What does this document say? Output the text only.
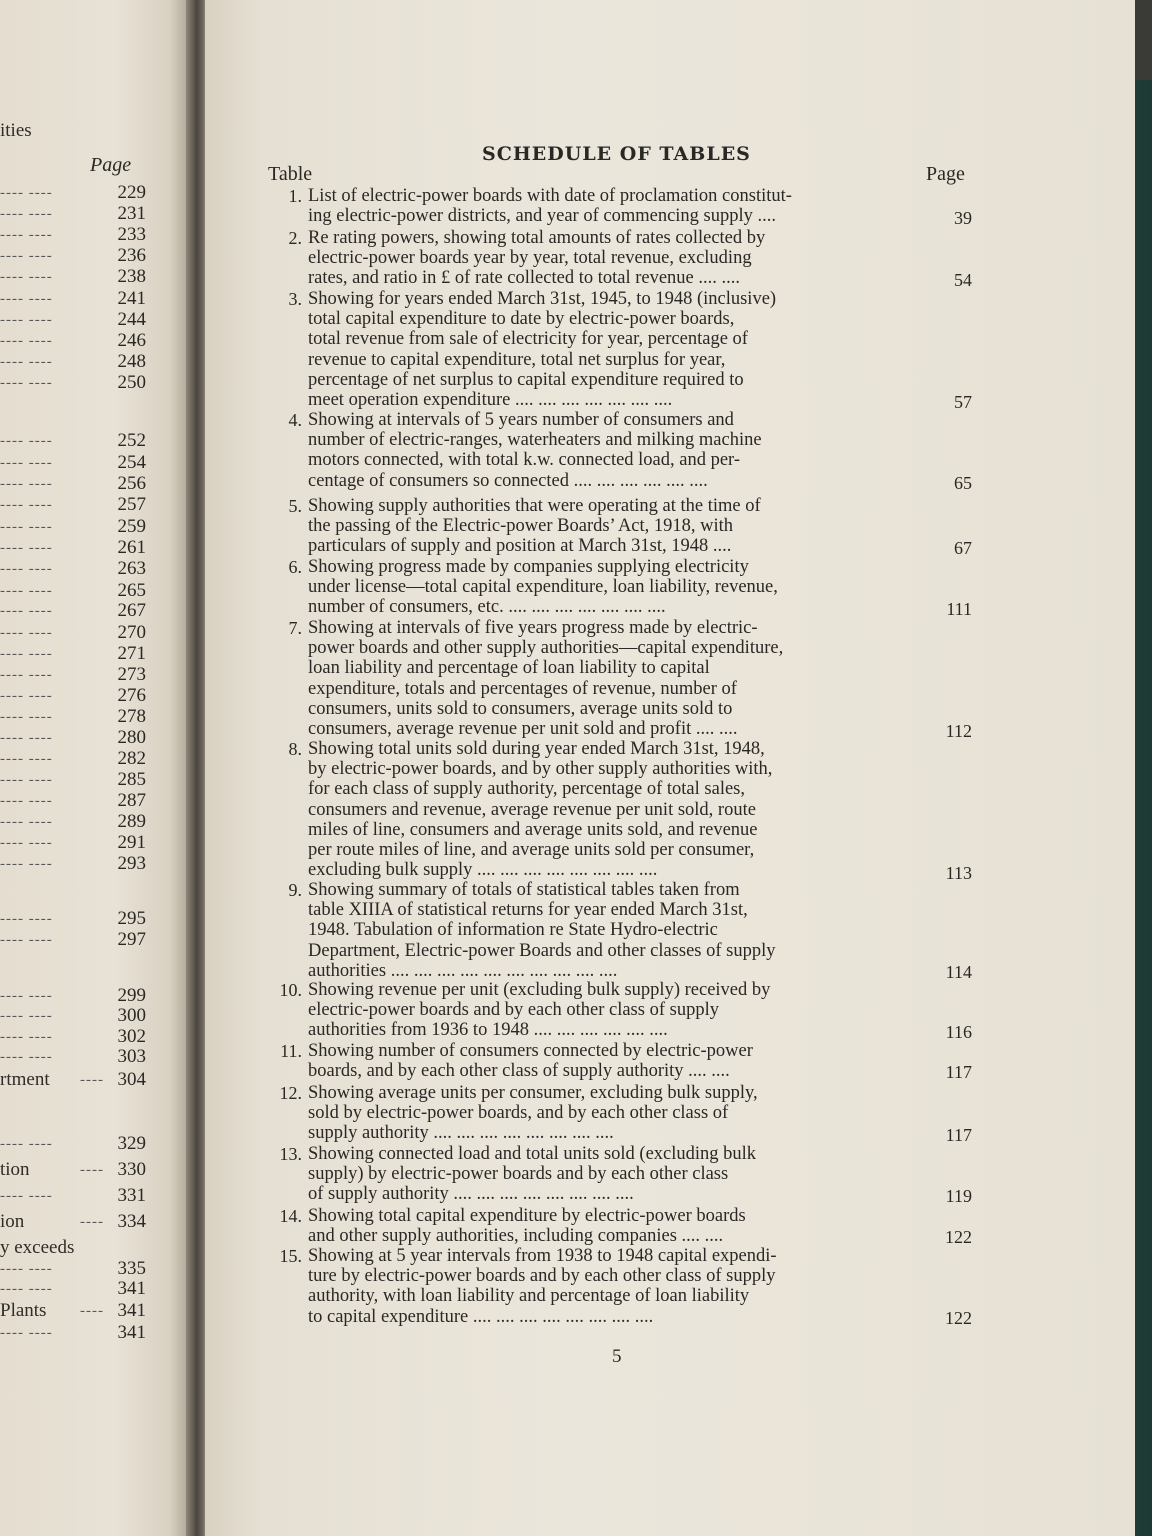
ities
Page
---- ----	229
---- ----	231
---- ----	233
---- ----	236
---- ----	238
---- ----	241
---- ----	244
---- ----	246
---- ----	248
---- ----	250
---- ----	252
---- ----	254
---- ----	256
---- ----	257
---- ----	259
---- ----	261
---- ----	263
---- ----	265
---- ----	267
---- ----	270
---- ----	271
---- ----	273
---- ----	276
---- ----	278
---- ----	280
---- ----	282
---- ----	285
---- ----	287
---- ----	289
---- ----	291
---- ----	293
---- ----	295
---- ----	297
---- ----	299
---- ----	300
---- ----	302
---- ----	303
rtment ---- 304
---- ----	329
tion	---- 330
---- ----	331
ion	---- 334
y exceeds
---- ----	335
---- ----	341
Plants ---- 341
---- ----	341
SCHEDULE OF TABLES
Table	Page
1. List of electric-power boards with date of proclamation constitut-
ing electric-power districts, and year of commencing supply ....	39
2. Re rating powers, showing total amounts of rates collected by
electric-power boards year by year, total revenue, excluding
rates, and ratio in £ of rate collected to total revenue .... ....	54
3. Showing for years ended March 31st, 1945, to 1948 (inclusive)
total capital expenditure to date by electric-power boards,
total revenue from sale of electricity for year, percentage of
revenue to capital expenditure, total net surplus for year,
percentage of net surplus to capital expenditure required to
meet operation expenditure .... .... .... .... .... .... ....	57
4. Showing at intervals of 5 years number of consumers and
number of electric-ranges, waterheaters and milking machine
motors connected, with total k.w. connected load, and per-
centage of consumers so connected .... .... .... .... .... ....	65
5. Showing supply authorities that were operating at the time of
the passing of the Electric-power Boards’ Act, 1918, with
particulars of supply and position at March 31st, 1948 ....	67
6. Showing progress made by companies supplying electricity
under license—total capital expenditure, loan liability, revenue,
number of consumers, etc. .... .... .... .... .... .... ....	111
7. Showing at intervals of five years progress made by electric-
power boards and other supply authorities—capital expenditure,
loan liability and percentage of loan liability to capital
expenditure, totals and percentages of revenue, number of
consumers, units sold to consumers, average units sold to
consumers, average revenue per unit sold and profit .... ....	112
8. Showing total units sold during year ended March 31st, 1948,
by electric-power boards, and by other supply authorities with,
for each class of supply authority, percentage of total sales,
consumers and revenue, average revenue per unit sold, route
miles of line, consumers and average units sold, and revenue
per route miles of line, and average units sold per consumer,
excluding bulk supply .... .... .... .... .... .... .... ....	113
9. Showing summary of totals of statistical tables taken from
table XIIIA of statistical returns for year ended March 31st,
1948. Tabulation of information re State Hydro-electric
Department, Electric-power Boards and other classes of supply
authorities .... .... .... .... .... .... .... .... .... ....	114
10. Showing revenue per unit (excluding bulk supply) received by
electric-power boards and by each other class of supply
authorities from 1936 to 1948 .... .... .... .... .... ....	116
11. Showing number of consumers connected by electric-power
boards, and by each other class of supply authority .... ....	117
12. Showing average units per consumer, excluding bulk supply,
sold by electric-power boards, and by each other class of
supply authority .... .... .... .... .... .... .... ....	117
13. Showing connected load and total units sold (excluding bulk
supply) by electric-power boards and by each other class
of supply authority .... .... .... .... .... .... .... ....	119
14. Showing total capital expenditure by electric-power boards
and other supply authorities, including companies .... ....	122
15. Showing at 5 year intervals from 1938 to 1948 capital expendi-
ture by electric-power boards and by each other class of supply
authority, with loan liability and percentage of loan liability
to capital expenditure .... .... .... .... .... .... .... ....	122
5
